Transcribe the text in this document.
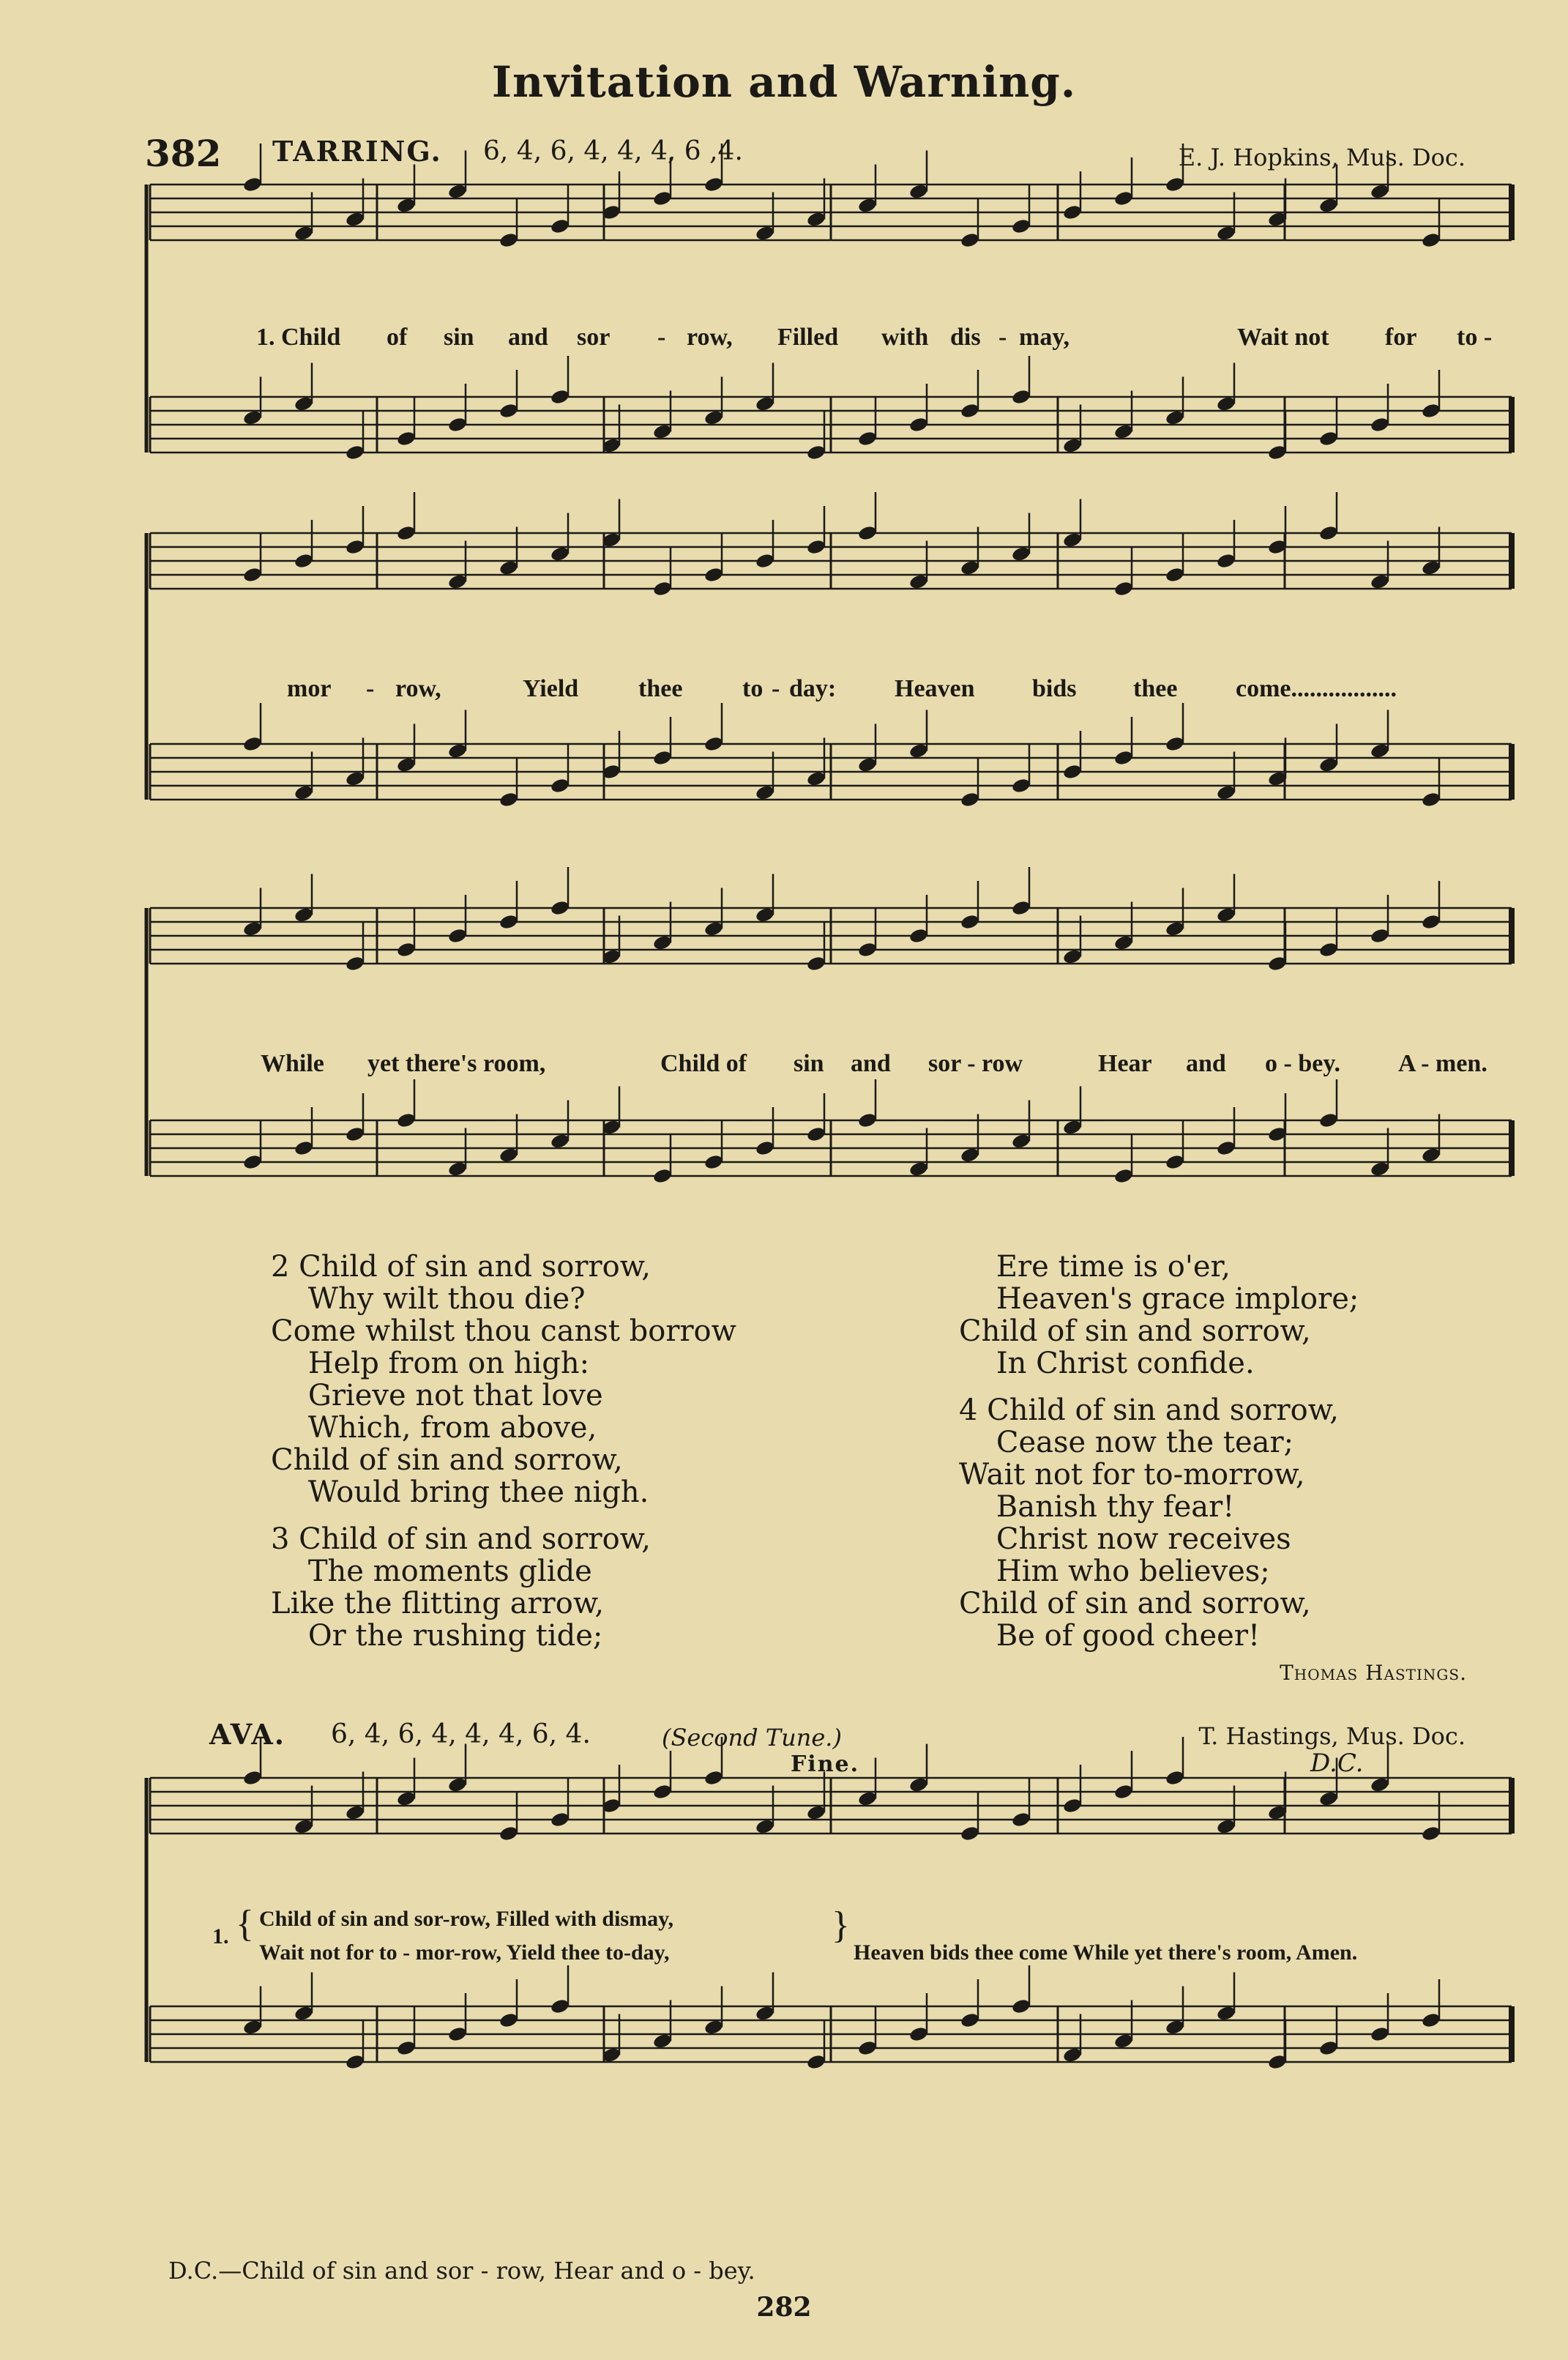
Invitation and Warning.
382 TARRING. 6, 4, 6, 4, 4, 4, 6 ,4.	E. J. Hopkins, Mus. Doc.
1. Child of sin and sor - row, Filled with dis - may,	Wait not for to -
mor - row,	Yield thee to - day: Heaven bids thee come.................
While yet there's room,	Child of sin and sor - row	Hear and o - bey. A - men.
2 Child of sin and sorrow,
Why wilt thou die?
Come whilst thou canst borrow
Help from on high:
Grieve not that love
Which, from above,
Child of sin and sorrow,
Would bring thee nigh.
3 Child of sin and sorrow,
The moments glide
Like the flitting arrow,
Or the rushing tide;
Ere time is o'er,
Heaven's grace implore;
Child of sin and sorrow,
In Christ confide.
4 Child of sin and sorrow,
Cease now the tear;
Wait not for to-morrow,
Banish thy fear!
Christ now receives
Him who believes;
Child of sin and sorrow,
Be of good cheer!
Thomas Hastings.
AVA. 6, 4, 6, 4, 4, 4, 6, 4.	(Second Tune.)	T. Hastings, Mus. Doc.
Fine.	D.C.
1. { Child of sin and sor-row, Filled with dismay,
Wait not for to - mor-row, Yield thee to-day,
}
Heaven bids thee come While yet there's room, Amen.
D.C.—Child of sin and sor - row, Hear and o - bey.
282
